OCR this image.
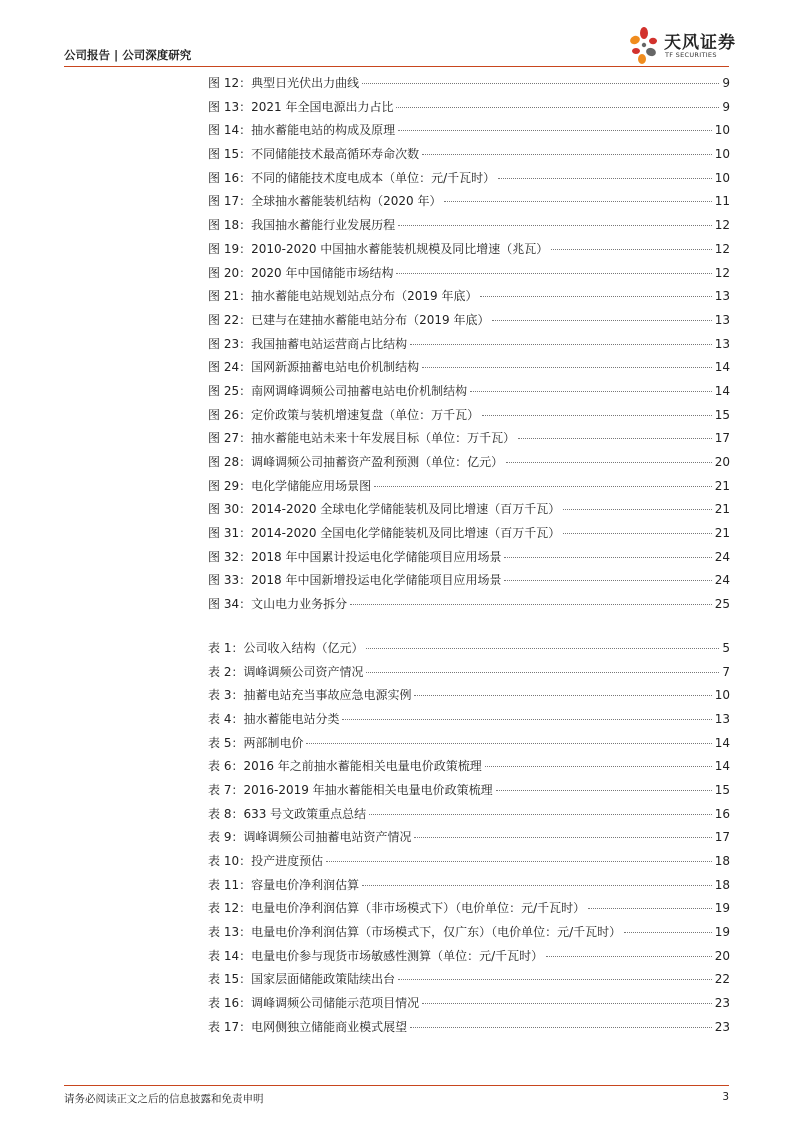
公司报告 | 公司深度研究
天风证券
TF SECURITIES
图 12：典型日光伏出力曲线	9
图 13：2021 年全国电源出力占比	9
图 14：抽水蓄能电站的构成及原理	10
图 15：不同储能技术最高循环寿命次数	10
图 16：不同的储能技术度电成本（单位：元/千瓦时）	10
图 17：全球抽水蓄能装机结构（2020 年）	11
图 18：我国抽水蓄能行业发展历程	12
图 19：2010-2020 中国抽水蓄能装机规模及同比增速（兆瓦）	12
图 20：2020 年中国储能市场结构	12
图 21：抽水蓄能电站规划站点分布（2019 年底）	13
图 22：已建与在建抽水蓄能电站分布（2019 年底）	13
图 23：我国抽蓄电站运营商占比结构	13
图 24：国网新源抽蓄电站电价机制结构	14
图 25：南网调峰调频公司抽蓄电站电价机制结构	14
图 26：定价政策与装机增速复盘（单位：万千瓦）	15
图 27：抽水蓄能电站未来十年发展目标（单位：万千瓦）	17
图 28：调峰调频公司抽蓄资产盈利预测（单位：亿元）	20
图 29：电化学储能应用场景图	21
图 30：2014-2020 全球电化学储能装机及同比增速（百万千瓦）	21
图 31：2014-2020 全国电化学储能装机及同比增速（百万千瓦）	21
图 32：2018 年中国累计投运电化学储能项目应用场景	24
图 33：2018 年中国新增投运电化学储能项目应用场景	24
图 34：文山电力业务拆分	25
表 1：公司收入结构（亿元）	5
表 2：调峰调频公司资产情况	7
表 3：抽蓄电站充当事故应急电源实例	10
表 4：抽水蓄能电站分类	13
表 5：两部制电价	14
表 6：2016 年之前抽水蓄能相关电量电价政策梳理	14
表 7：2016-2019 年抽水蓄能相关电量电价政策梳理	15
表 8：633 号文政策重点总结	16
表 9：调峰调频公司抽蓄电站资产情况	17
表 10：投产进度预估	18
表 11：容量电价净利润估算	18
表 12：电量电价净利润估算（非市场模式下）（电价单位：元/千瓦时）	19
表 13：电量电价净利润估算（市场模式下，仅广东）（电价单位：元/千瓦时）	19
表 14：电量电价参与现货市场敏感性测算（单位：元/千瓦时）	20
表 15：国家层面储能政策陆续出台	22
表 16：调峰调频公司储能示范项目情况	23
表 17：电网侧独立储能商业模式展望	23
请务必阅读正文之后的信息披露和免责申明	3
